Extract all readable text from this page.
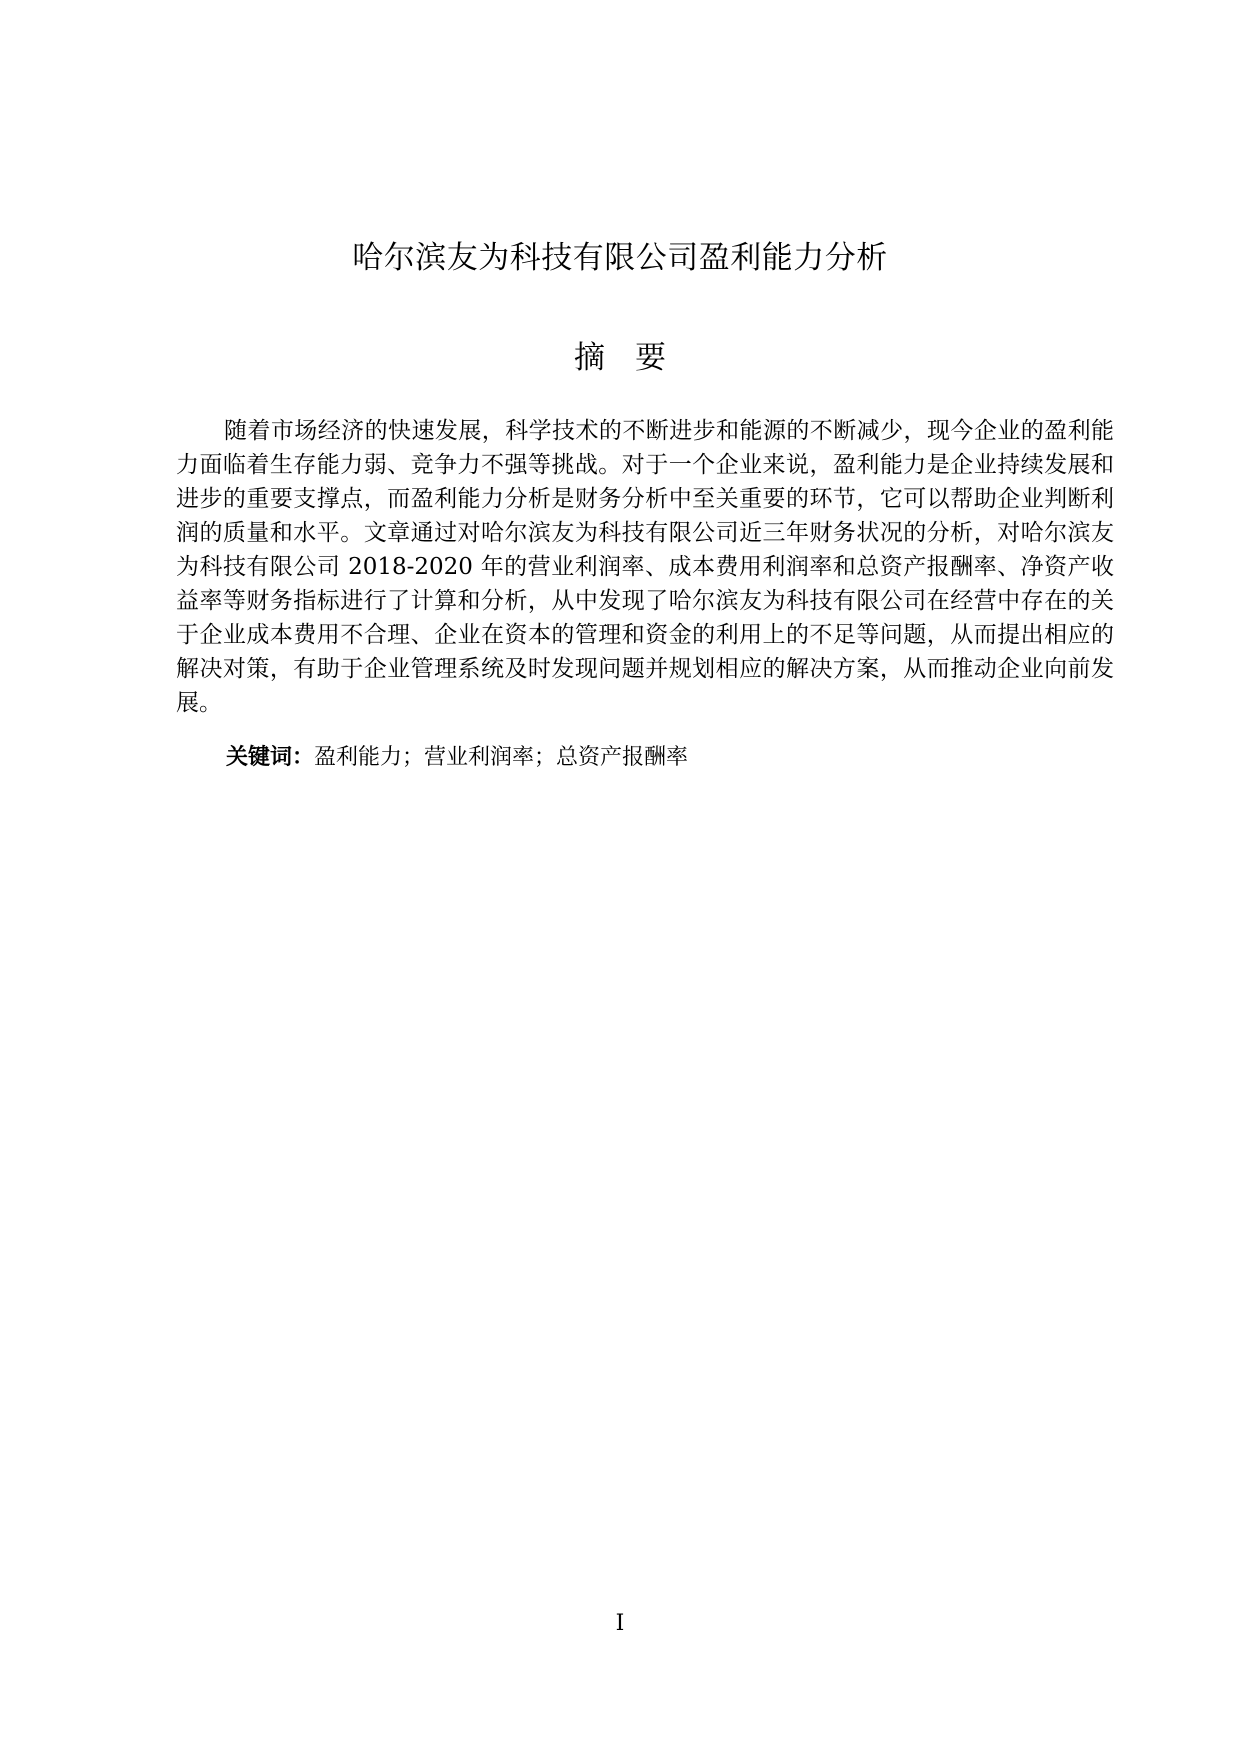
哈尔滨友为科技有限公司盈利能力分析
摘要

随着市场经济的快速发展，科学技术的不断进步和能源的不断减少，现今企业的盈利能力面临着生存能力弱、竞争力不强等挑战。对于一个企业来说，盈利能力是企业持续发展和进步的重要支撑点，而盈利能力分析是财务分析中至关重要的环节，它可以帮助企业判断利润的质量和水平。文章通过对哈尔滨友为科技有限公司近三年财务状况的分析，对哈尔滨友为科技有限公司 2018-2020 年的营业利润率、成本费用利润率和总资产报酬率、净资产收益率等财务指标进行了计算和分析，从中发现了哈尔滨友为科技有限公司在经营中存在的关于企业成本费用不合理、企业在资本的管理和资金的利用上的不足等问题，从而提出相应的解决对策，有助于企业管理系统及时发现问题并规划相应的解决方案，从而推动企业向前发展。

关键词：盈利能力；营业利润率；总资产报酬率
I
